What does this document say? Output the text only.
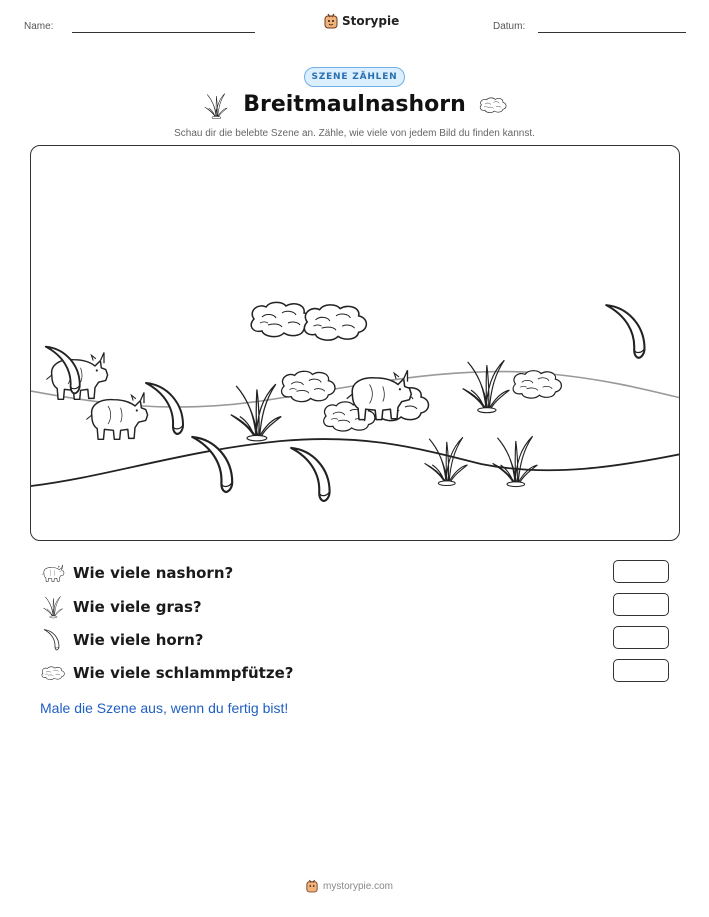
Name:	Storypie	Datum:
SZENE ZÄHLEN
Breitmaulnashorn
Schau dir die belebte Szene an. Zähle, wie viele von jedem Bild du finden kannst.
Wie viele nashorn?
Wie viele gras?
Wie viele horn?
Wie viele schlammpfütze?
Male die Szene aus, wenn du fertig bist!
mystorypie.com
